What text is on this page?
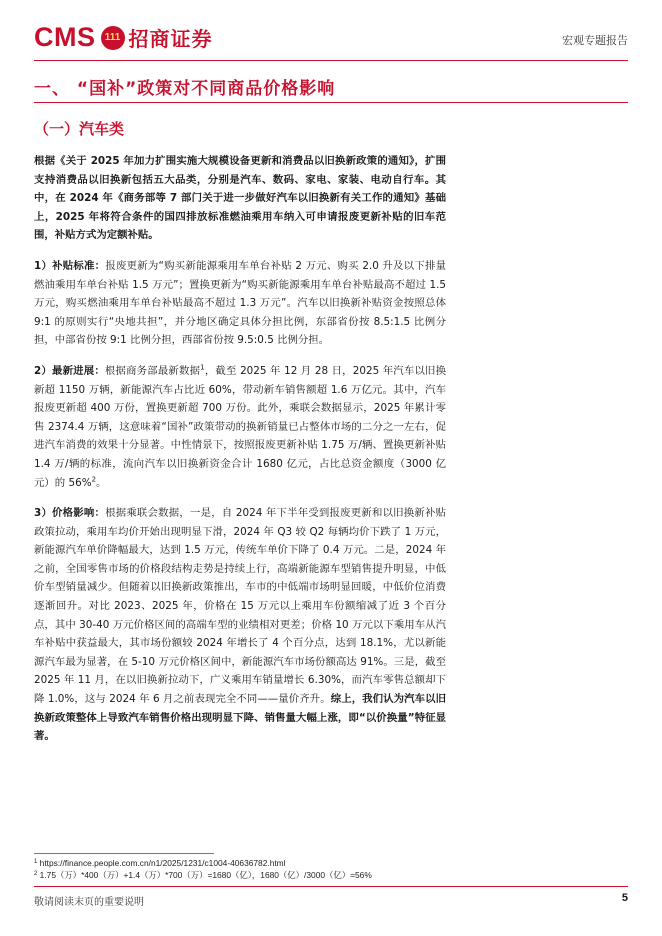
CMS 111 招商证券	宏观专题报告
一、 “国补”政策对不同商品价格影响
（一）汽车类

根据《关于 2025 年加力扩围实施大规模设备更新和消费品以旧换新政策的通知》，扩围支持消费品以旧换新包括五大品类，分别是汽车、数码、家电、家装、电动自行车。其中，在 2024 年《商务部等 7 部门关于进一步做好汽车以旧换新有关工作的通知》基础上，2025 年将符合条件的国四排放标准燃油乘用车纳入可申请报废更新补贴的旧车范围，补贴方式为定额补贴。

1）补贴标准：报废更新为“购买新能源乘用车单台补贴 2 万元、购买 2.0 升及以下排量燃油乘用车单台补贴 1.5 万元”；置换更新为“购买新能源乘用车单台补贴最高不超过 1.5 万元，购买燃油乘用车单台补贴最高不超过 1.3 万元”。汽车以旧换新补贴资金按照总体 9:1 的原则实行“央地共担”，并分地区确定具体分担比例，东部省份按 8.5:1.5 比例分担，中部省份按 9:1 比例分担，西部省份按 9.5:0.5 比例分担。

2）最新进展：根据商务部最新数据$^1$，截至 2025 年 12 月 28 日，2025 年汽车以旧换新超 1150 万辆，新能源汽车占比近 60%，带动新车销售额超 1.6 万亿元。其中，汽车报废更新超 400 万份，置换更新超 700 万份。此外，乘联会数据显示，2025 年累计零售 2374.4 万辆，这意味着“国补”政策带动的换新销量已占整体市场的二分之一左右，促进汽车消费的效果十分显著。中性情景下，按照报废更新补贴 1.75 万/辆、置换更新补贴 1.4 万/辆的标准，流向汽车以旧换新资金合计 1680 亿元，占比总资金额度（3000 亿元）的 56%$^2$。

3）价格影响：根据乘联会数据，一是，自 2024 年下半年受到报废更新和以旧换新补贴政策拉动，乘用车均价开始出现明显下滑，2024 年 Q3 较 Q2 每辆均价下跌了 1 万元，新能源汽车单价降幅最大，达到 1.5 万元，传统车单价下降了 0.4 万元。二是，2024 年之前，全国零售市场的价格段结构走势是持续上行，高端新能源车型销售提升明显，中低价车型销量减少。但随着以旧换新政策推出，车市的中低端市场明显回暖，中低价位消费逐渐回升。对比 2023、2025 年，价格在 15 万元以上乘用车份额缩减了近 3 个百分点，其中 30-40 万元价格区间的高端车型的业绩相对更差；价格 10 万元以下乘用车从汽车补贴中获益最大，其市场份额较 2024 年增长了 4 个百分点，达到 18.1%，尤以新能源汽车最为显著，在 5-10 万元价格区间中，新能源汽车市场份额高达 91%。三是，截至 2025 年 11 月，在以旧换新拉动下，广义乘用车销量增长 6.30%，而汽车零售总额却下降 1.0%，这与 2024 年 6 月之前表现完全不同——量价齐升。综上，我们认为汽车以旧换新政策整体上导致汽车销售价格出现明显下降、销售量大幅上涨，即“以价换量”特征显著。

$^1$ https://finance.people.com.cn/n1/2025/1231/c1004-40636782.html
$^2$ 1.75（万）*400（万）+1.4（万）*700（万）=1680（亿），1680（亿）/3000（亿）=56%
敬请阅读末页的重要说明	5
